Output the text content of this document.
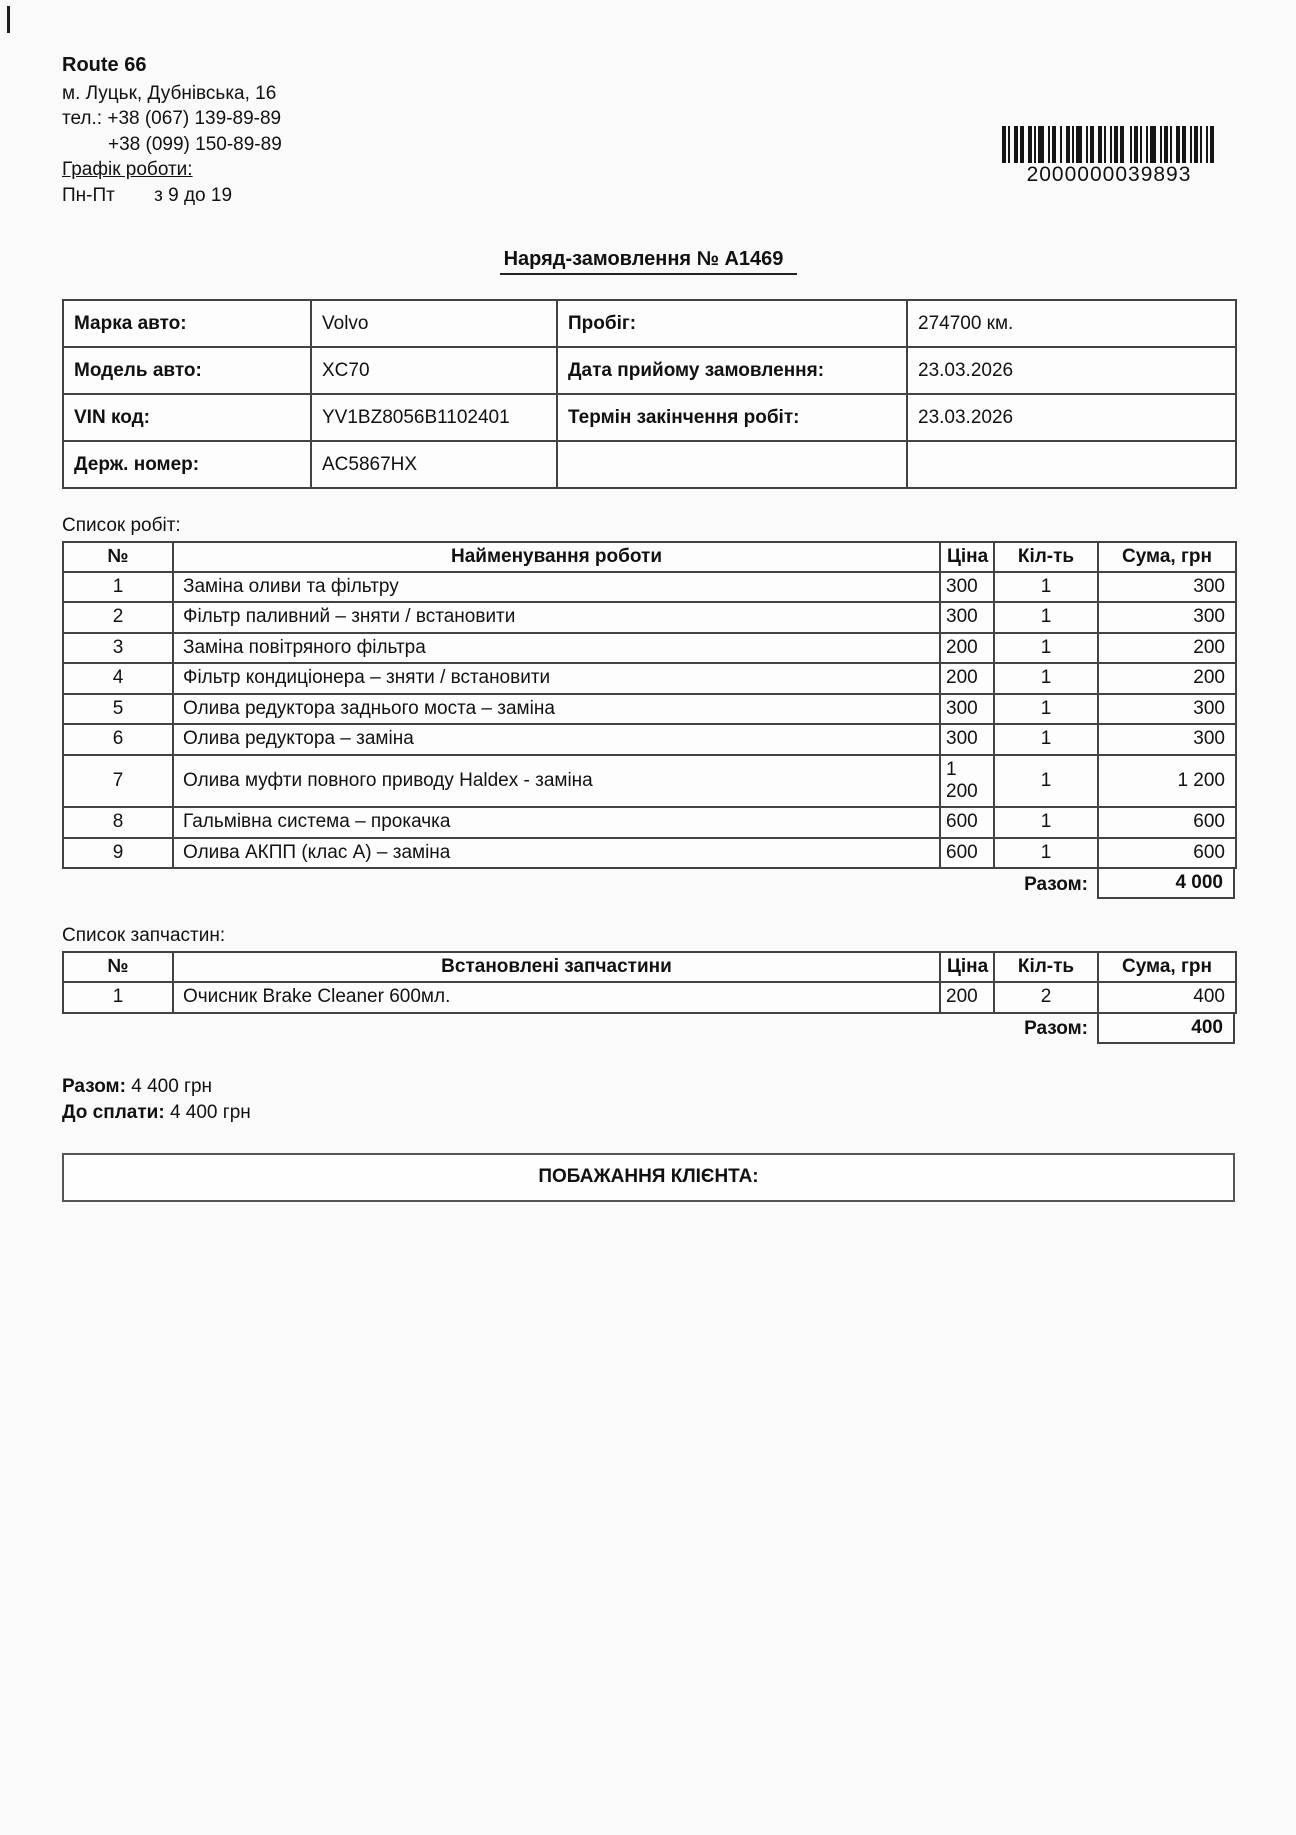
2000000039893
Route 66
м. Луцьк, Дубнівська, 16
тел.: +38 (067) 139-89-89
+38 (099) 150-89-89
Графік роботи:
Пн-Пт з 9 до 19
Наряд-замовлення № А1469
Марка авто:	Volvo	Пробіг:	274700 км.
Модель авто:	XC70	Дата прийому замовлення:	23.03.2026
VIN код:	YV1BZ8056B1102401	Термін закінчення робіт:	23.03.2026
Держ. номер:	AC5867HX		
Список робіт:
№	Найменування роботи	Ціна	Кіл-ть	Сума, грн
1	Заміна оливи та фільтру	300	1	300
2	Фільтр паливний – зняти / встановити	300	1	300
3	Заміна повітряного фільтра	200	1	200
4	Фільтр кондиціонера – зняти / встановити	200	1	200
5	Олива редуктора заднього моста – заміна	300	1	300
6	Олива редуктора – заміна	300	1	300
7	Олива муфти повного приводу Haldex - заміна	1 200	1	1 200
8	Гальмівна система – прокачка	600	1	600
9	Олива АКПП (клас А) – заміна	600	1	600
Разом:	4 000
Список запчастин:
№	Встановлені запчастини	Ціна	Кіл-ть	Сума, грн
1	Очисник Brake Cleaner 600мл.	200	2	400
Разом:	400
Разом: 4 400 грн
До сплати: 4 400 грн
ПОБАЖАННЯ КЛІЄНТА:
